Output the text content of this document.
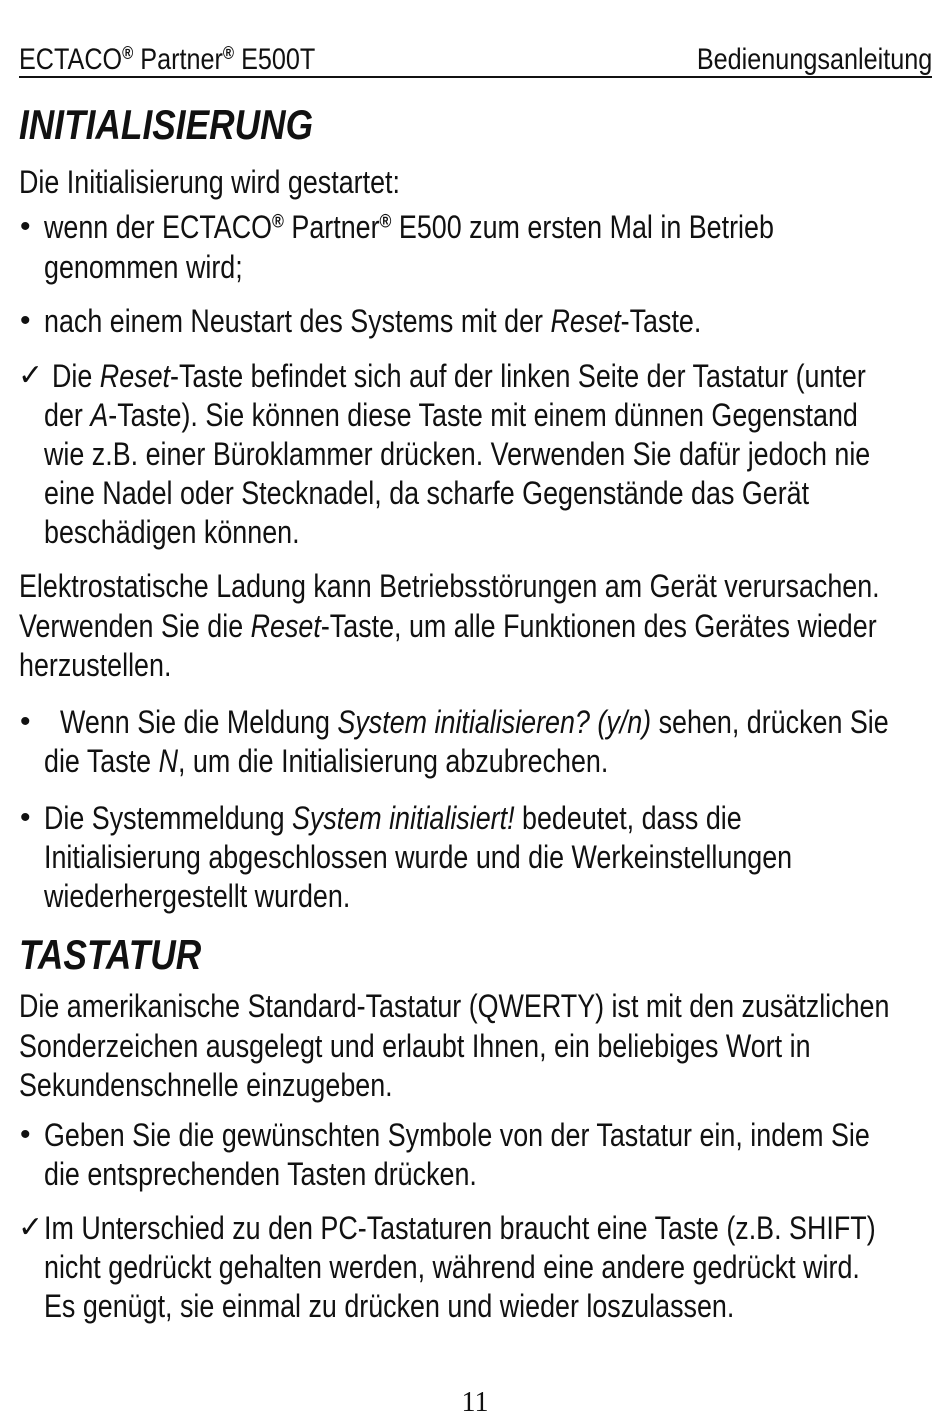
ECTACO® Partner® E500T	Bedienungsanleitung
INITIALISIERUNG
Die Initialisierung wird gestartet:
• wenn der ECTACO® Partner® E500 zum ersten Mal in Betrieb
genommen wird;
• nach einem Neustart des Systems mit der Reset-Taste.
✓ Die Reset-Taste befindet sich auf der linken Seite der Tastatur (unter
der A-Taste). Sie können diese Taste mit einem dünnen Gegenstand
wie z.B. einer Büroklammer drücken. Verwenden Sie dafür jedoch nie
eine Nadel oder Stecknadel, da scharfe Gegenstände das Gerät
beschädigen können.
Elektrostatische Ladung kann Betriebsstörungen am Gerät verursachen.
Verwenden Sie die Reset-Taste, um alle Funktionen des Gerätes wieder
herzustellen.
• Wenn Sie die Meldung System initialisieren? (y/n) sehen, drücken Sie
die Taste N, um die Initialisierung abzubrechen.
• Die Systemmeldung System initialisiert! bedeutet, dass die
Initialisierung abgeschlossen wurde und die Werkeinstellungen
wiederhergestellt wurden.
TASTATUR
Die amerikanische Standard-Tastatur (QWERTY) ist mit den zusätzlichen
Sonderzeichen ausgelegt und erlaubt Ihnen, ein beliebiges Wort in
Sekundenschnelle einzugeben.
• Geben Sie die gewünschten Symbole von der Tastatur ein, indem Sie
die entsprechenden Tasten drücken.
✓ Im Unterschied zu den PC-Tastaturen braucht eine Taste (z.B. SHIFT)
nicht gedrückt gehalten werden, während eine andere gedrückt wird.
Es genügt, sie einmal zu drücken und wieder loszulassen.
11
